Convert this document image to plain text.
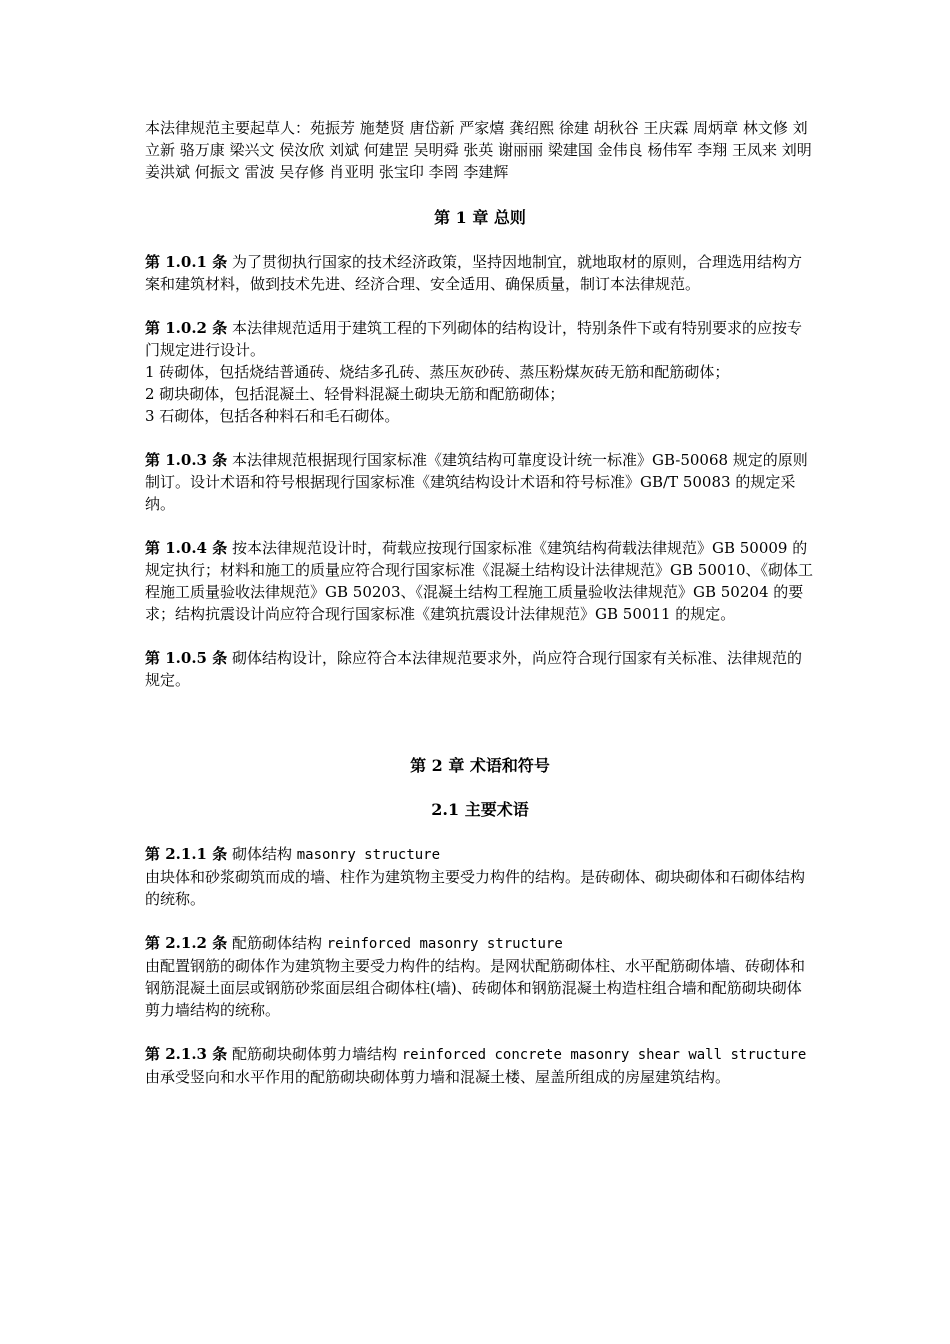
本法律规范主要起草人：苑振芳 施楚贤 唐岱新 严家熺 龚绍熙 徐建 胡秋谷 王庆霖 周炳章 林文修 刘立新 骆万康 梁兴文 侯汝欣 刘斌 何建罡 吴明舜 张英 谢丽丽 梁建国 金伟良 杨伟军 李翔 王凤来 刘明 姜洪斌 何振文 雷波 吴存修 肖亚明 张宝印 李罔 李建辉

第 1 章 总则

第 1.0.1 条 为了贯彻执行国家的技术经济政策，坚持因地制宜，就地取材的原则，合理选用结构方案和建筑材料，做到技术先进、经济合理、安全适用、确保质量，制订本法律规范。

第 1.0.2 条 本法律规范适用于建筑工程的下列砌体的结构设计，特别条件下或有特别要求的应按专门规定进行设计。

1 砖砌体，包括烧结普通砖、烧结多孔砖、蒸压灰砂砖、蒸压粉煤灰砖无筋和配筋砌体；

2 砌块砌体，包括混凝土、轻骨料混凝土砌块无筋和配筋砌体；

3 石砌体，包括各种料石和毛石砌体。

第 1.0.3 条 本法律规范根据现行国家标准《建筑结构可靠度设计统一标准》GB-50068 规定的原则制订。设计术语和符号根据现行国家标准《建筑结构设计术语和符号标准》GB/T 50083 的规定采纳。

第 1.0.4 条 按本法律规范设计时，荷载应按现行国家标准《建筑结构荷载法律规范》GB 50009 的规定执行；材料和施工的质量应符合现行国家标准《混凝土结构设计法律规范》GB 50010、《砌体工程施工质量验收法律规范》GB 50203、《混凝土结构工程施工质量验收法律规范》GB 50204 的要求；结构抗震设计尚应符合现行国家标准《建筑抗震设计法律规范》GB 50011 的规定。

第 1.0.5 条 砌体结构设计，除应符合本法律规范要求外，尚应符合现行国家有关标准、法律规范的规定。

第 2 章 术语和符号
2.1 主要术语

第 2.1.1 条 砌体结构 masonry structure

由块体和砂浆砌筑而成的墙、柱作为建筑物主要受力构件的结构。是砖砌体、砌块砌体和石砌体结构的统称。

第 2.1.2 条 配筋砌体结构 reinforced masonry structure

由配置钢筋的砌体作为建筑物主要受力构件的结构。是网状配筋砌体柱、水平配筋砌体墙、砖砌体和钢筋混凝土面层或钢筋砂浆面层组合砌体柱(墙)、砖砌体和钢筋混凝土构造柱组合墙和配筋砌块砌体剪力墙结构的统称。

第 2.1.3 条 配筋砌块砌体剪力墙结构 reinforced concrete masonry shear wall structure

由承受竖向和水平作用的配筋砌块砌体剪力墙和混凝土楼、屋盖所组成的房屋建筑结构。
